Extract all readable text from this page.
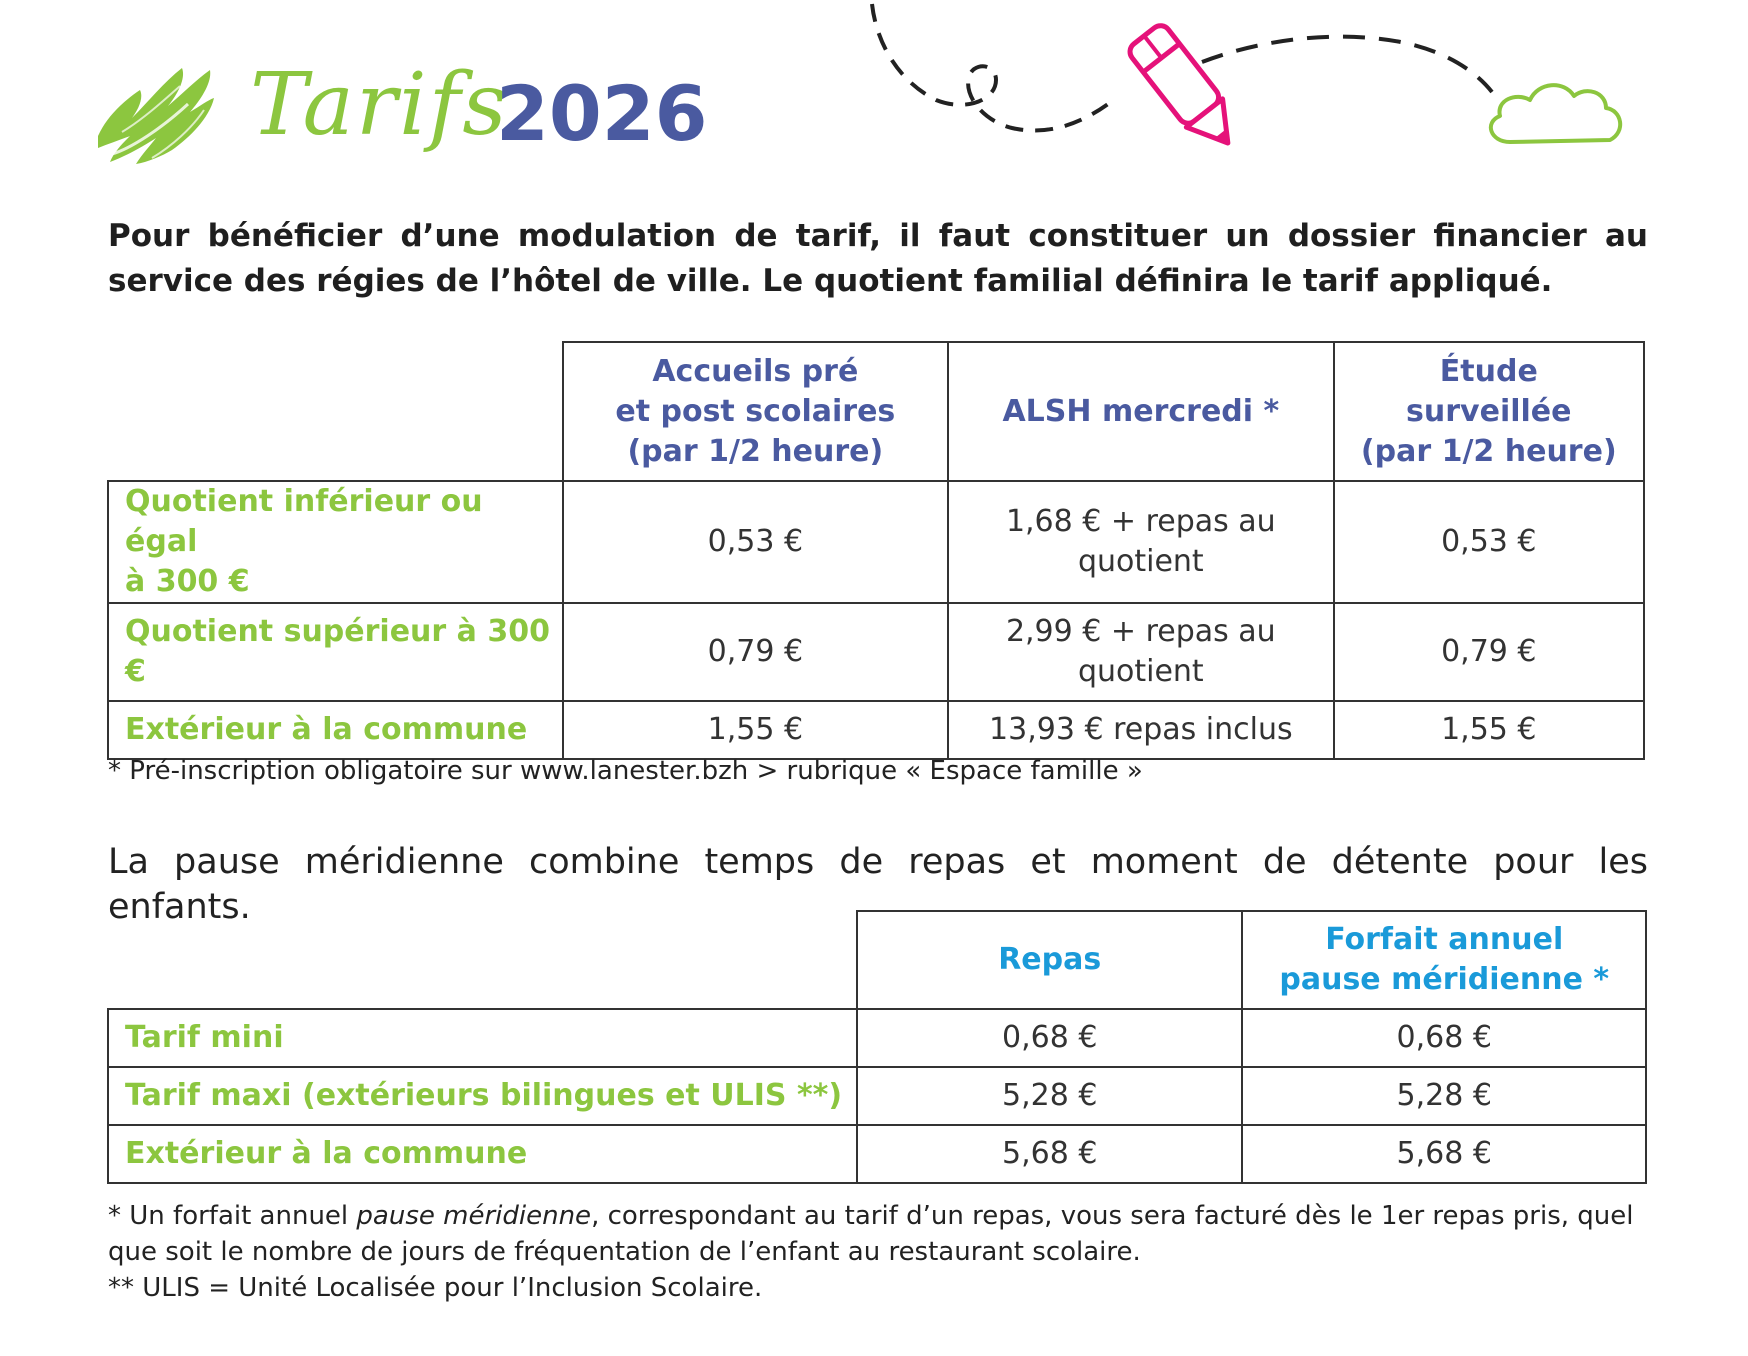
Tarifs
2026
Pour bénéficier d’une modulation de tarif, il faut constituer un dossier financier au service des régies de l’hôtel de ville. Le quotient familial définira le tarif appliqué.
	Accueils pré
et post scolaires
(par 1/2 heure)	ALSH mercredi *	Étude
surveillée
(par 1/2 heure)
Quotient inférieur ou égal
à 300 €	0,53 €	1,68 € + repas au
quotient	0,53 €
Quotient supérieur à 300 €	0,79 €	2,99 € + repas au
quotient	0,79 €
Extérieur à la commune	1,55 €	13,93 € repas inclus	1,55 €
* Pré-inscription obligatoire sur www.lanester.bzh > rubrique « Espace famille »
La pause méridienne combine temps de repas et moment de détente pour les enfants.
	Repas	Forfait annuel
pause méridienne *
Tarif mini	0,68 €	0,68 €
Tarif maxi (extérieurs bilingues et ULIS **)	5,28 €	5,28 €
Extérieur à la commune	5,68 €	5,68 €

* Un forfait annuel pause méridienne, correspondant au tarif d’un repas, vous sera facturé dès le 1er repas pris, quel que soit le nombre de jours de fréquentation de l’enfant au restaurant scolaire.

** ULIS = Unité Localisée pour l’Inclusion Scolaire.
